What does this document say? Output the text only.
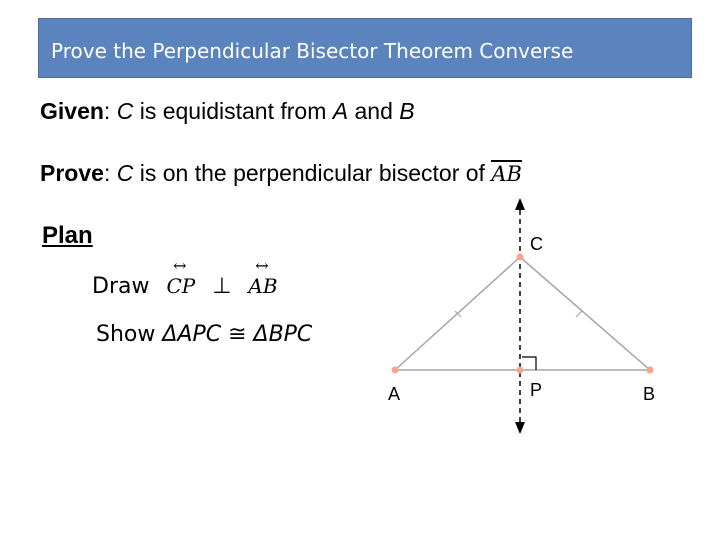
Prove the Perpendicular Bisector Theorem Converse
Given: C is equidistant from A and B
Prove: C is on the perpendicular bisector of AB
Plan
Draw ↔ CP ⊥ ↔ AB
Show ΔAPC ≅ ΔBPC
C
A	P	B
